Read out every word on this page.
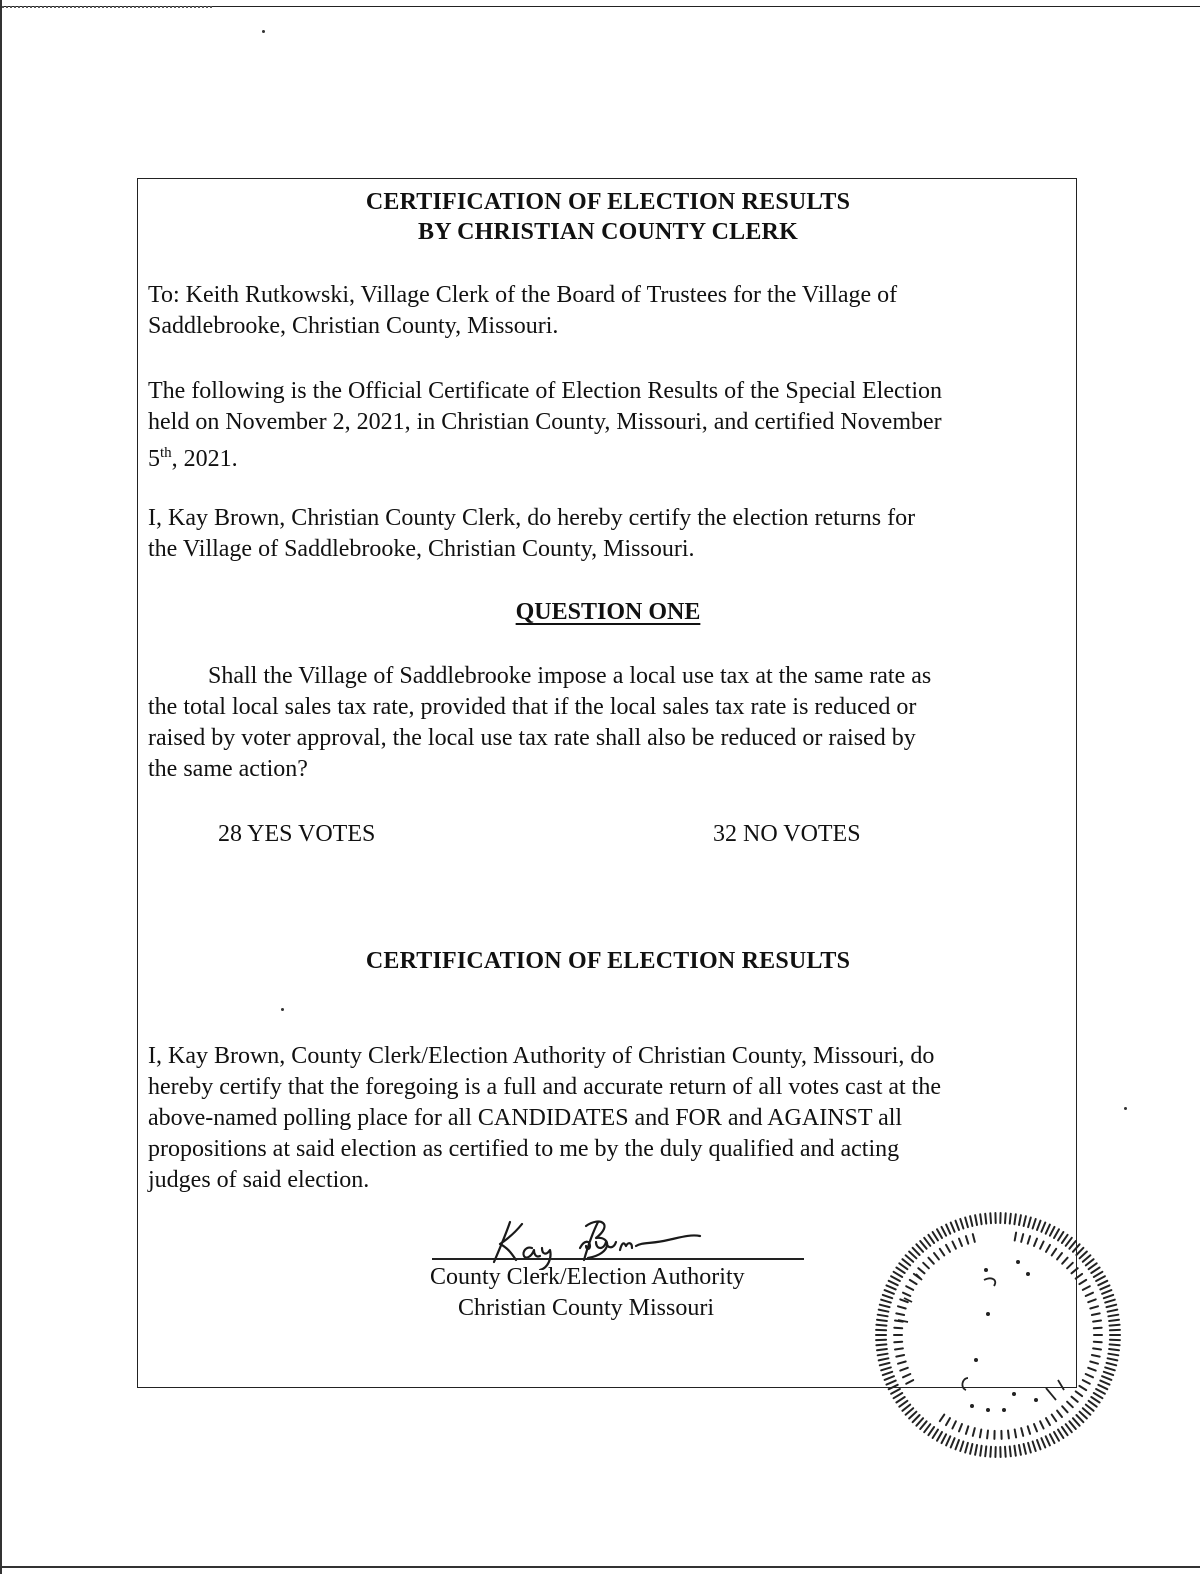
CERTIFICATION OF ELECTION RESULTS
BY CHRISTIAN COUNTY CLERK

To: Keith Rutkowski, Village Clerk of the Board of Trustees for the Village of

Saddlebrooke, Christian County, Missouri.

The following is the Official Certificate of Election Results of the Special Election

held on November 2, 2021, in Christian County, Missouri, and certified November

5th, 2021.

I, Kay Brown, Christian County Clerk, do hereby certify the election returns for

the Village of Saddlebrooke, Christian County, Missouri.

QUESTION ONE

Shall the Village of Saddlebrooke impose a local use tax at the same rate as

the total local sales tax rate, provided that if the local sales tax rate is reduced or

raised by voter approval, the local use tax rate shall also be reduced or raised by

the same action?

28 YES VOTES	32 NO VOTES
CERTIFICATION OF ELECTION RESULTS

I, Kay Brown, County Clerk/Election Authority of Christian County, Missouri, do

hereby certify that the foregoing is a full and accurate return of all votes cast at the

above-named polling place for all CANDIDATES and FOR and AGAINST all

propositions at said election as certified to me by the duly qualified and acting

judges of said election.

County Clerk/Election Authority
Christian County Missouri
